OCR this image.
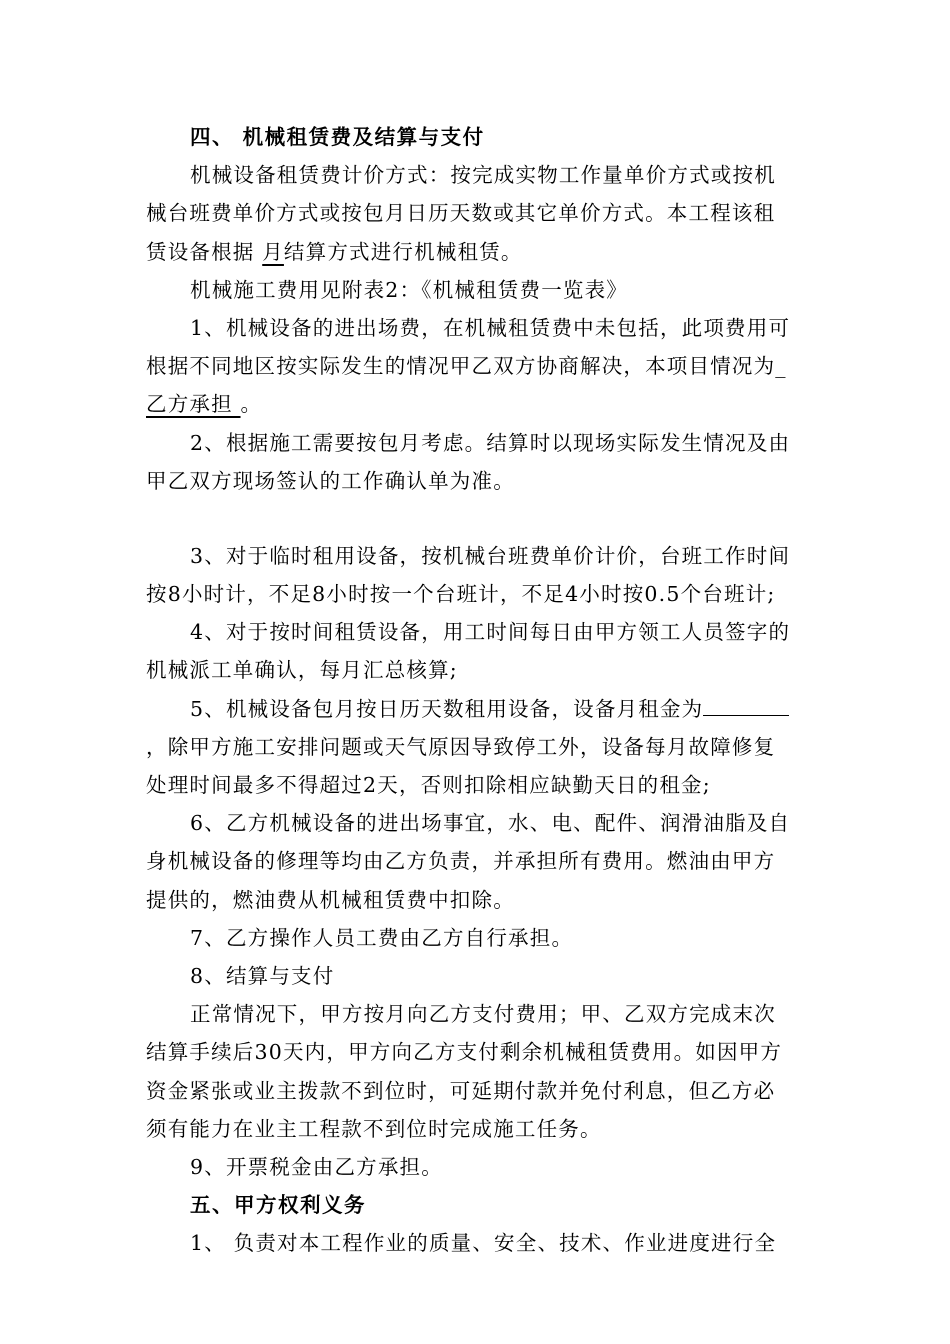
四、 机械租赁费及结算与支付
机械设备租赁费计价方式：按完成实物工作量单价方式或按机
械台班费单价方式或按包月日历天数或其它单价方式。本工程该租
赁设备根据 月结算方式进行机械租赁。
机械施工费用见附表2：《机械租赁费一览表》
1、机械设备的进出场费，在机械租赁费中未包括，此项费用可
根据不同地区按实际发生的情况甲乙双方协商解决，本项目情况为_
乙方承担 。
2、根据施工需要按包月考虑。结算时以现场实际发生情况及由
甲乙双方现场签认的工作确认单为准。
3、对于临时租用设备，按机械台班费单价计价，台班工作时间
按8小时计，不足8小时按一个台班计，不足4小时按0.5个台班计;
4、对于按时间租赁设备，用工时间每日由甲方领工人员签字的
机械派工单确认，每月汇总核算;
5、机械设备包月按日历天数租用设备，设备月租金为
，除甲方施工安排问题或天气原因导致停工外，设备每月故障修复
处理时间最多不得超过2天，否则扣除相应缺勤天日的租金;
6、乙方机械设备的进出场事宜，水、电、配件、润滑油脂及自
身机械设备的修理等均由乙方负责，并承担所有费用。燃油由甲方
提供的，燃油费从机械租赁费中扣除。
7、乙方操作人员工费由乙方自行承担。
8、结算与支付
正常情况下，甲方按月向乙方支付费用；甲、乙双方完成末次
结算手续后30天内，甲方向乙方支付剩余机械租赁费用。如因甲方
资金紧张或业主拨款不到位时，可延期付款并免付利息，但乙方必
须有能力在业主工程款不到位时完成施工任务。
9、开票税金由乙方承担。
五、甲方权利义务
1、 负责对本工程作业的质量、安全、技术、作业进度进行全
